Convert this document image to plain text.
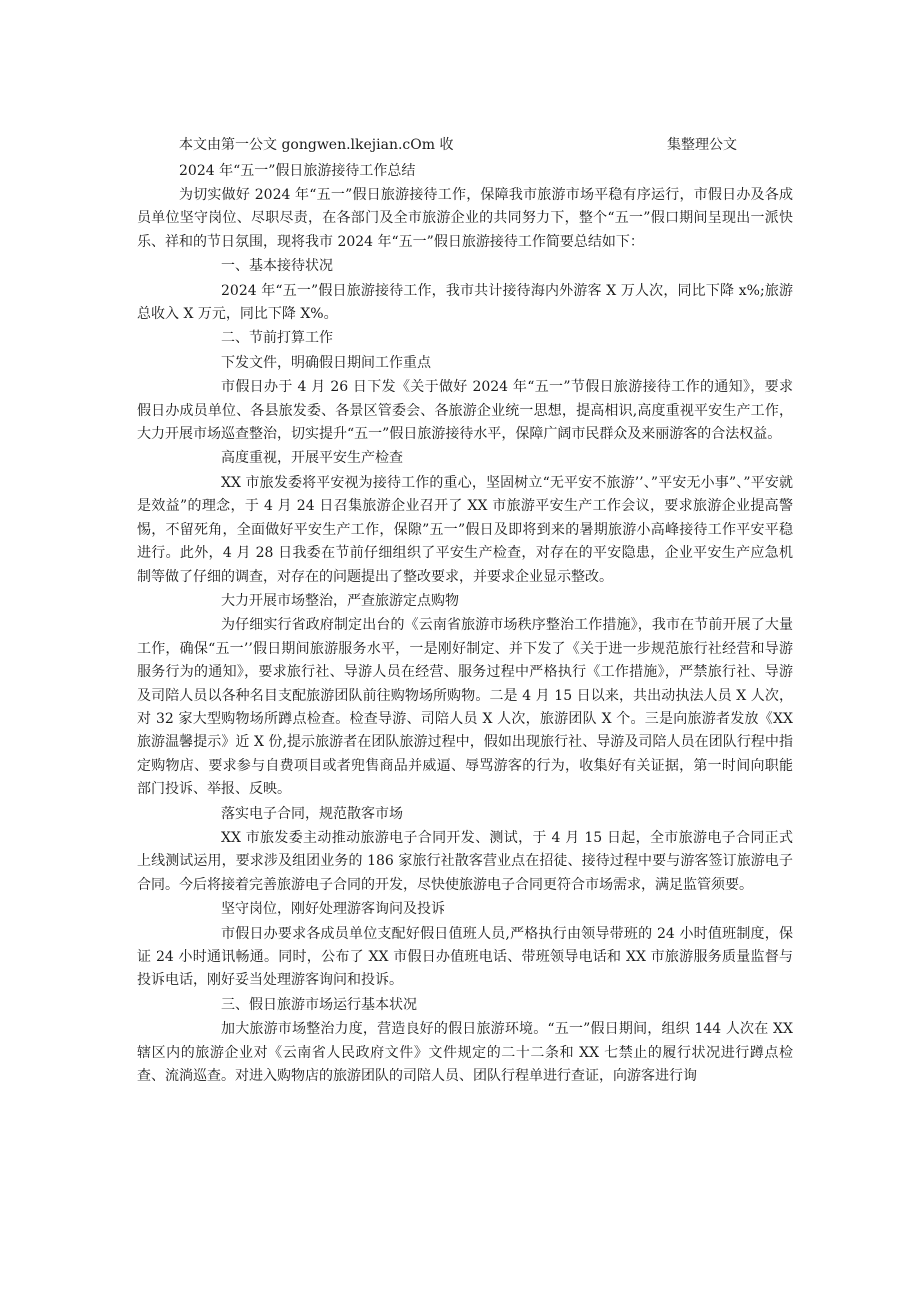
本文由第一公文 gongwen.lkejian.cOm 收	集整理公文
2024 年“五一”假日旅游接待工作总结

为切实做好 2024 年“五一”假日旅游接待工作，保障我市旅游市场平稳有序运行，市假日办及各成员单位坚守岗位、尽职尽责，在各部门及全市旅游企业的共同努力下，整个“五一”假口期间呈现出一派快乐、祥和的节日氛围，现将我市 2024 年“五一”假日旅游接待工作简要总结如下：

一、基本接待状况

2024 年“五一”假日旅游接待工作，我市共计接待海内外游客 X 万人次，同比下降 x%;旅游总收入 X 万元，同比下降 X%。

二、节前打算工作

下发文件，明确假日期间工作重点

市假日办于 4 月 26 日下发《关于做好 2024 年“五一”节假日旅游接待工作的通知》，要求假日办成员单位、各县旅发委、各景区管委会、各旅游企业统一思想，提高相识,高度重视平安生产工作，大力开展市场巡查整治，切实提升“五一”假日旅游接待水平，保障广阔市民群众及来丽游客的合法权益。

高度重视，开展平安生产检查

XX 市旅发委将平安视为接待工作的重心，坚固树立“无平安不旅游’’、”平安无小事”、”平安就是效益”的理念，于 4 月 24 日召集旅游企业召开了 XX 市旅游平安生产工作会议，要求旅游企业提高警惕，不留死角，全面做好平安生产工作，保隙”五一”假日及即将到来的暑期旅游小高峰接待工作平安平稳进行。此外，4 月 28 日我委在节前仔细组织了平安生产检查，对存在的平安隐患，企业平安生产应急机制等做了仔细的调查，对存在的问题提出了整改要求，并要求企业显示整改。

大力开展市场整治，严查旅游定点购物

为仔细实行省政府制定出台的《云南省旅游市场秩序整治工作措施》，我市在节前开展了大量工作，确保“五一’’假日期间旅游服务水平，一是刚好制定、并下发了《关于进一步规范旅行社经营和导游服务行为的通知》，要求旅行社、导游人员在经营、服务过程中严格执行《工作措施》，严禁旅行社、导游及司陪人员以各种名目支配旅游团队前往购物场所购物。二是 4 月 15 日以来，共出动执法人员 X 人次，对 32 家大型购物场所蹲点检查。检查导游、司陪人员 X 人次，旅游团队 X 个。三是向旅游者发放《XX 旅游温馨提示》近 X 份,提示旅游者在团队旅游过程中，假如出现旅行社、导游及司陪人员在团队行程中指定购物店、要求参与自费项目或者兜售商品并威逼、辱骂游客的行为，收集好有关证据，第一时间向职能部门投诉、举报、反映。

落实电子合同，规范散客市场

XX 市旅发委主动推动旅游电子合同开发、测试，于 4 月 15 日起，全市旅游电子合同正式上线测试运用，要求涉及组团业务的 186 家旅行社散客营业点在招徒、接待过程中要与游客签订旅游电子合同。今后将接着完善旅游电子合同的开发，尽快使旅游电子合同更符合市场需求，满足监管须要。

坚守岗位，刚好处理游客询问及投诉

市假日办要求各成员单位支配好假日值班人员,严格执行由领导带班的 24 小时值班制度，保证 24 小时通讯畅通。同时，公布了 XX 市假日办值班电话、带班领导电话和 XX 市旅游服务质量监督与投诉电话，刚好妥当处理游客询问和投诉。

三、假日旅游市场运行基本状况

加大旅游市场整治力度，营造良好的假日旅游环境。“五一”假日期间，组织 144 人次在 XX 辖区内的旅游企业对《云南省人民政府文件》文件规定的二十二条和 XX 七禁止的履行状况进行蹲点检查、流淌巡查。对进入购物店的旅游团队的司陪人员、团队行程单进行查证，向游客进行询
